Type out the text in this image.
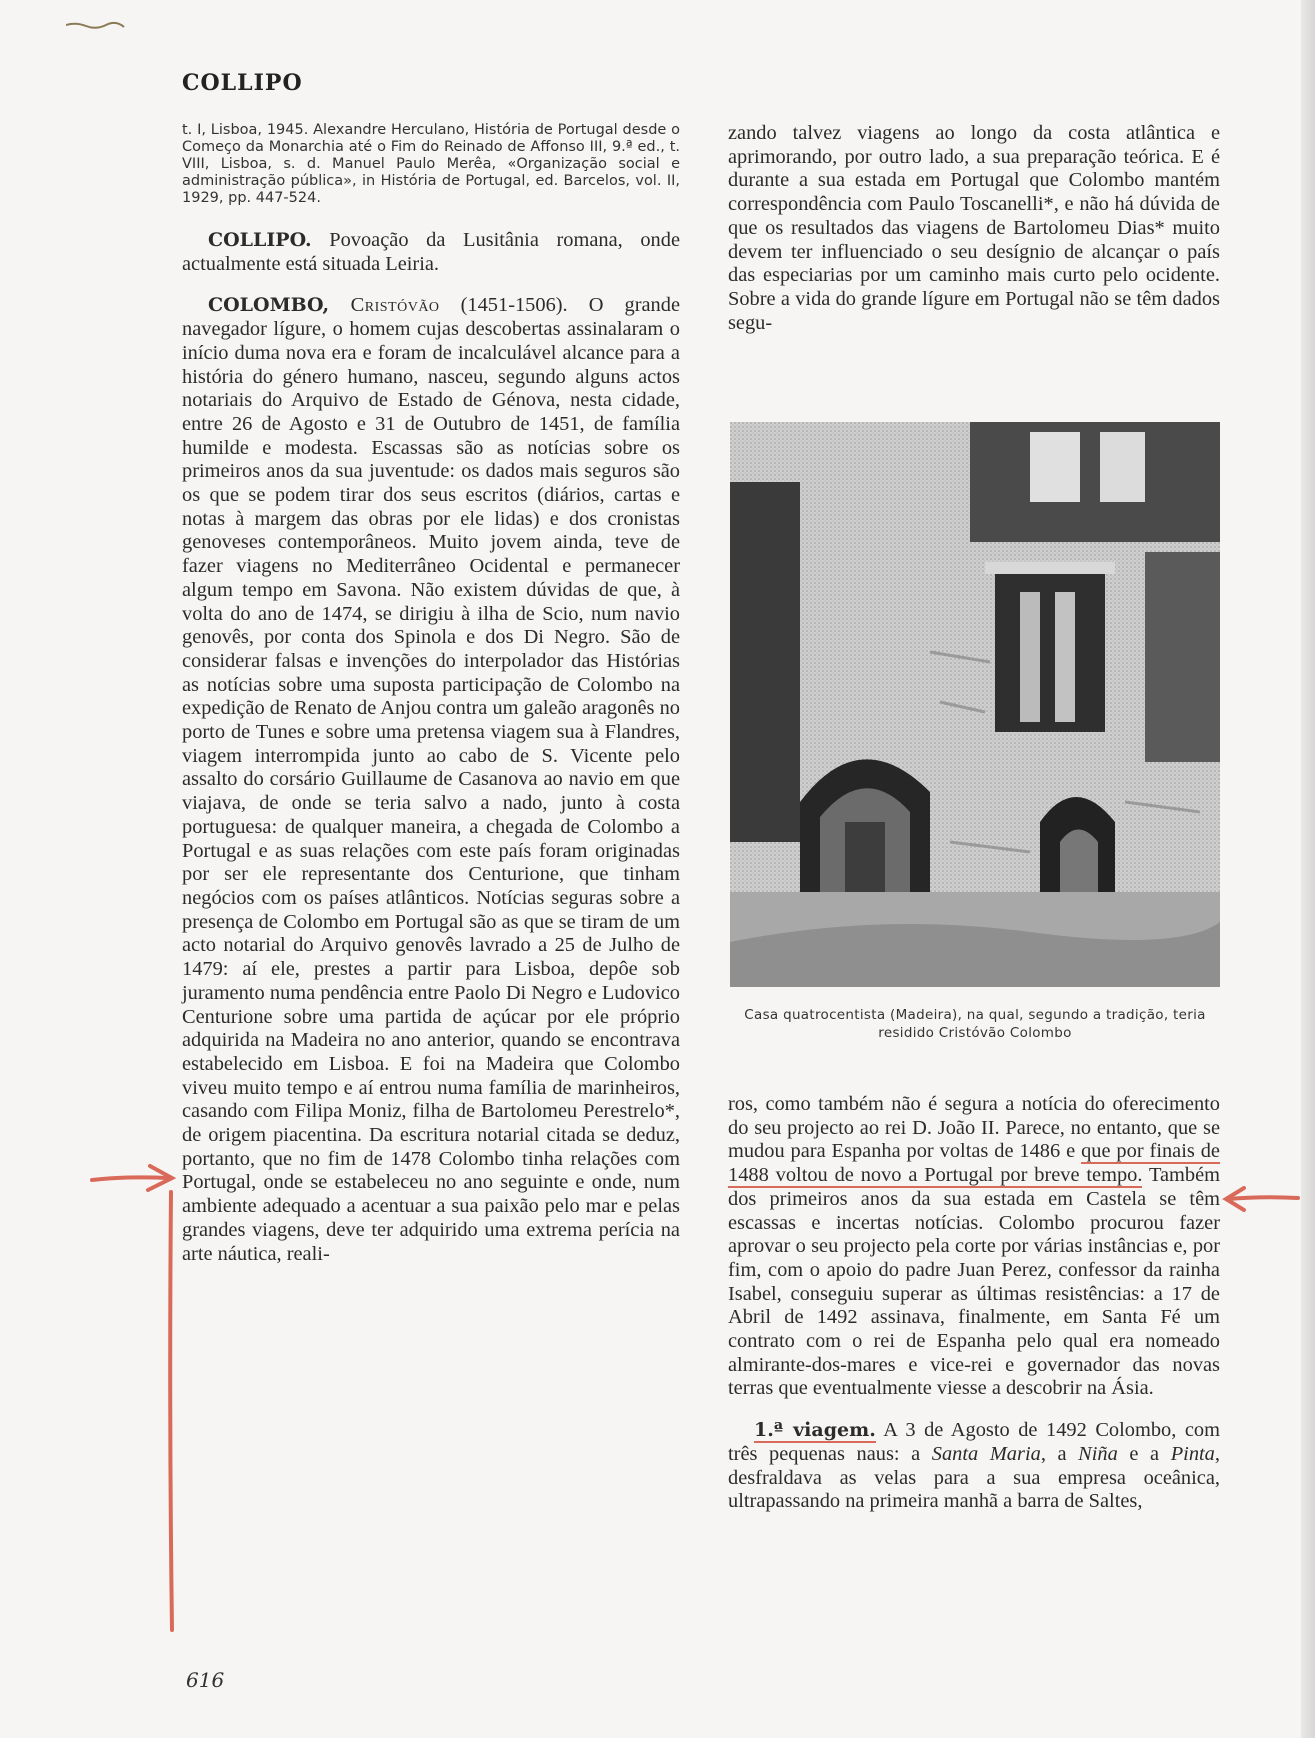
COLLIPO

t. I, Lisboa, 1945. Alexandre Herculano, História de Portugal desde o Começo da Monarchia até o Fim do Reinado de Affonso III, 9.ª ed., t. VIII, Lisboa, s. d. Manuel Paulo Merêa, «Organização social e administração pública», in História de Portugal, ed. Barcelos, vol. II, 1929, pp. 447-524.

COLLIPO. Povoação da Lusitânia romana, onde actualmente está situada Leiria.

COLOMBO, Cristóvão (1451-1506). O grande navegador lígure, o homem cujas descobertas assinalaram o início duma nova era e foram de incalculável alcance para a história do género humano, nasceu, segundo alguns actos notariais do Arquivo de Estado de Génova, nesta cidade, entre 26 de Agosto e 31 de Outubro de 1451, de família humilde e modesta. Escassas são as notícias sobre os primeiros anos da sua juventude: os dados mais seguros são os que se podem tirar dos seus escritos (diários, cartas e notas à margem das obras por ele lidas) e dos cronistas genoveses contemporâneos. Muito jovem ainda, teve de fazer viagens no Mediterrâneo Ocidental e permanecer algum tempo em Savona. Não existem dúvidas de que, à volta do ano de 1474, se dirigiu à ilha de Scio, num navio genovês, por conta dos Spinola e dos Di Negro. São de considerar falsas e invenções do interpolador das Histórias as notícias sobre uma suposta participação de Colombo na expedição de Renato de Anjou contra um galeão aragonês no porto de Tunes e sobre uma pretensa viagem sua à Flandres, viagem interrompida junto ao cabo de S. Vicente pelo assalto do corsário Guillaume de Casanova ao navio em que viajava, de onde se teria salvo a nado, junto à costa portuguesa: de qualquer maneira, a chegada de Colombo a Portugal e as suas relações com este país foram originadas por ser ele representante dos Centurione, que tinham negócios com os países atlânticos. Notícias seguras sobre a presença de Colombo em Portugal são as que se tiram de um acto notarial do Arquivo genovês lavrado a 25 de Julho de 1479: aí ele, prestes a partir para Lisboa, depôe sob juramento numa pendência entre Paolo Di Negro e Ludovico Centurione sobre uma partida de açúcar por ele próprio adquirida na Madeira no ano anterior, quando se encontrava estabelecido em Lisboa. E foi na Madeira que Colombo viveu muito tempo e aí entrou numa família de marinheiros, casando com Filipa Moniz, filha de Bartolomeu Perestrelo*, de origem piacentina. Da escritura notarial citada se deduz, portanto, que no fim de 1478 Colombo tinha relações com Portugal, onde se estabeleceu no ano seguinte e onde, num ambiente adequado a acentuar a sua paixão pelo mar e pelas grandes viagens, deve ter adquirido uma extrema perícia na arte náutica, reali-

zando talvez viagens ao longo da costa atlântica e aprimorando, por outro lado, a sua preparação teórica. E é durante a sua estada em Portugal que Colombo mantém correspondência com Paulo Toscanelli*, e não há dúvida de que os resultados das viagens de Bartolomeu Dias* muito devem ter influenciado o seu desígnio de alcançar o país das especiarias por um caminho mais curto pelo ocidente. Sobre a vida do grande lígure em Portugal não se têm dados segu-

Casa quatrocentista (Madeira), na qual, segundo a tradição, teria residido Cristóvão Colombo

ros, como também não é segura a notícia do oferecimento do seu projecto ao rei D. João II. Parece, no entanto, que se mudou para Espanha por voltas de 1486 e que por finais de 1488 voltou de novo a Portugal por breve tempo. Também dos primeiros anos da sua estada em Castela se têm escassas e incertas notícias. Colombo procurou fazer aprovar o seu projecto pela corte por várias instâncias e, por fim, com o apoio do padre Juan Perez, confessor da rainha Isabel, conseguiu superar as últimas resistências: a 17 de Abril de 1492 assinava, finalmente, em Santa Fé um contrato com o rei de Espanha pelo qual era nomeado almirante-dos-mares e vice-rei e governador das novas terras que eventualmente viesse a descobrir na Ásia.

1.ª viagem. A 3 de Agosto de 1492 Colombo, com três pequenas naus: a Santa Maria, a Niña e a Pinta, desfraldava as velas para a sua empresa oceânica, ultrapassando na primeira manhã a barra de Saltes,

616
